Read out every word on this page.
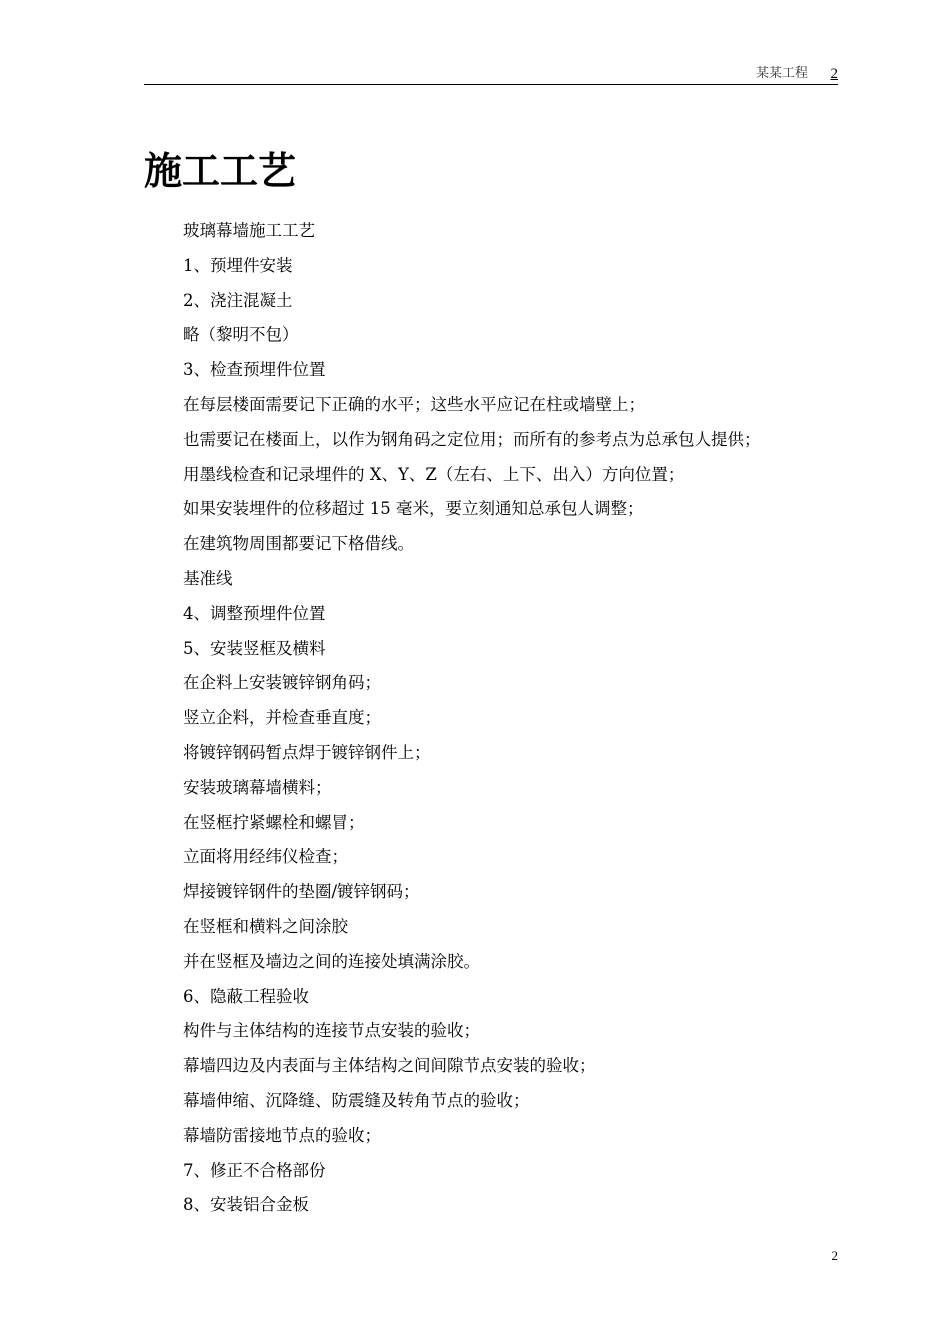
某某工程 2
施工工艺
玻璃幕墙施工工艺
1、预埋件安装
2、浇注混凝土
略（黎明不包）
3、检查预埋件位置
在每层楼面需要记下正确的水平；这些水平应记在柱或墙壁上；
也需要记在楼面上，以作为钢角码之定位用；而所有的参考点为总承包人提供；
用墨线检查和记录埋件的 X、Y、Z（左右、上下、出入）方向位置；
如果安装埋件的位移超过 15 毫米，要立刻通知总承包人调整；
在建筑物周围都要记下格借线。
基准线
4、调整预埋件位置
5、安装竖框及横料
在企料上安装镀锌钢角码；
竖立企料，并检查垂直度；
将镀锌钢码暂点焊于镀锌钢件上；
安装玻璃幕墙横料；
在竖框拧紧螺栓和螺冒；
立面将用经纬仪检查；
焊接镀锌钢件的垫圈/镀锌钢码；
在竖框和横料之间涂胶
并在竖框及墙边之间的连接处填满涂胶。
6、隐蔽工程验收
构件与主体结构的连接节点安装的验收；
幕墙四边及内表面与主体结构之间间隙节点安装的验收；
幕墙伸缩、沉降缝、防震缝及转角节点的验收；
幕墙防雷接地节点的验收；
7、修正不合格部份
8、安装铝合金板
2
